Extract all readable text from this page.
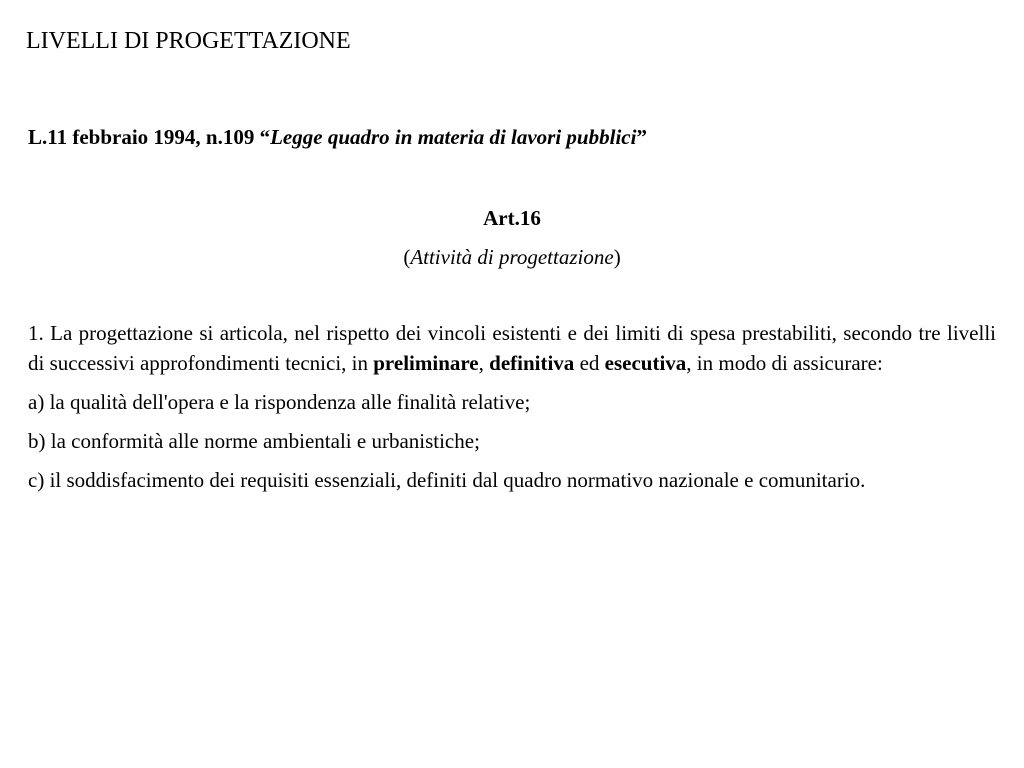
LIVELLI DI PROGETTAZIONE
L.11 febbraio 1994, n.109 “Legge quadro in materia di lavori pubblici”
Art.16
(Attività di progettazione)

1. La progettazione si articola, nel rispetto dei vincoli esistenti e dei limiti di spesa prestabiliti, secondo tre livelli di successivi approfondimenti tecnici, in preliminare, definitiva ed esecutiva, in modo di assicurare:

a) la qualità dell'opera e la rispondenza alle finalità relative;

b) la conformità alle norme ambientali e urbanistiche;

c) il soddisfacimento dei requisiti essenziali, definiti dal quadro normativo nazionale e comunitario.
